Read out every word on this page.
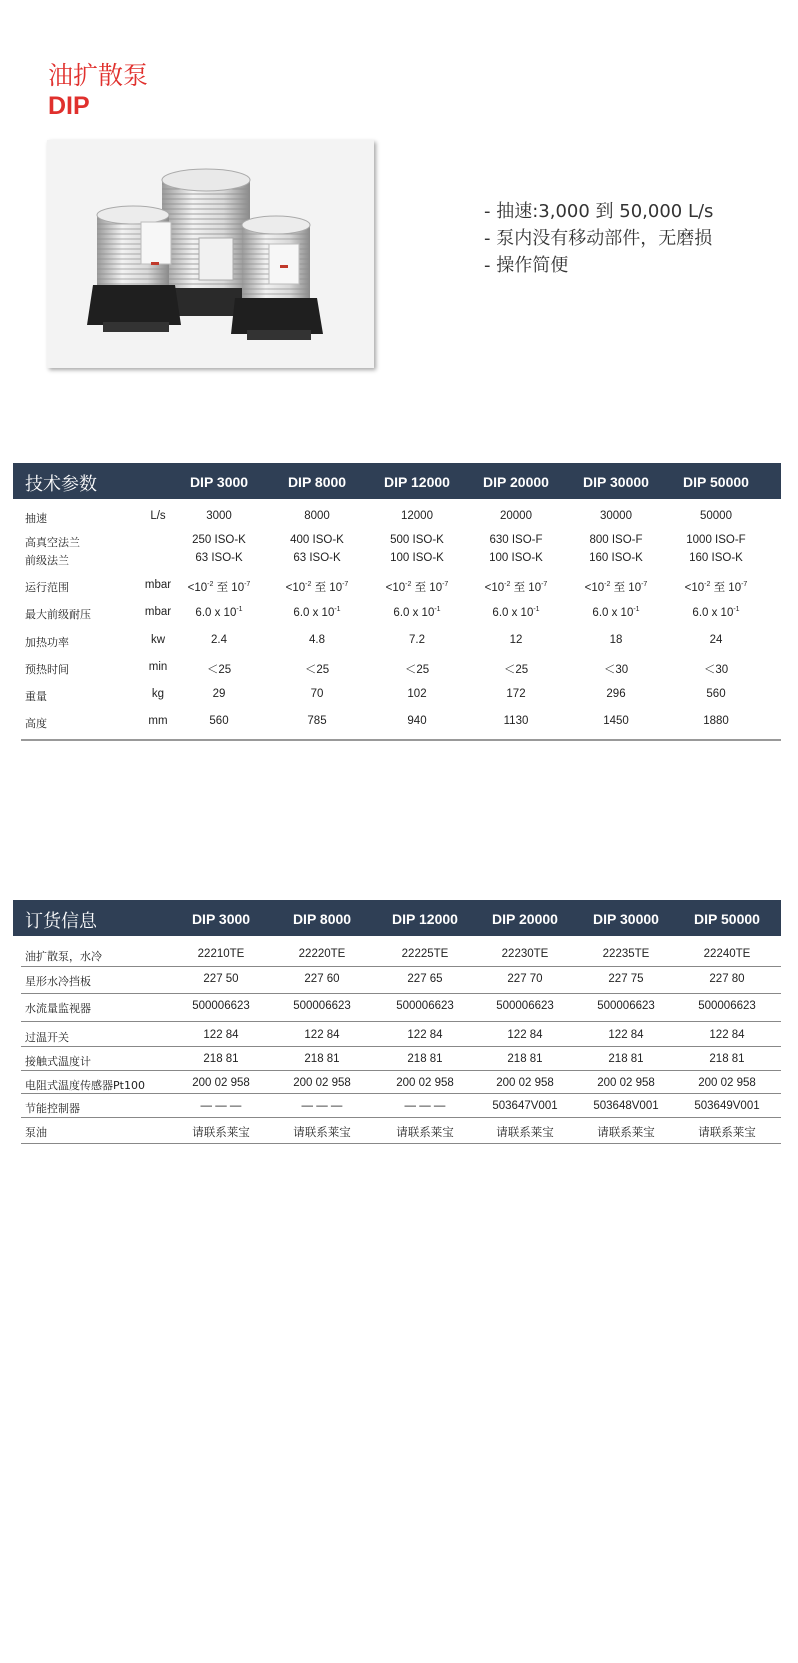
油扩散泵
DIP
- 抽速:3,000 到 50,000 L/s
- 泵内没有移动部件，无磨损
- 操作简便
技术参数	DIP 3000	DIP 8000	DIP 12000	DIP 20000	DIP 30000	DIP 50000
抽速	L/s	3000	8000	12000	20000	30000	50000
高真空法兰	250 ISO-K	400 ISO-K	500 ISO-K	630 ISO-F	800 ISO-F	1000 ISO-F
前级法兰	63 ISO-K	63 ISO-K	100 ISO-K	100 ISO-K	160 ISO-K	160 ISO-K
运行范围	mbar	$<10^{-2}$ 至 $10^{-7}$	$<10^{-2}$ 至 $10^{-7}$	$<10^{-2}$ 至 $10^{-7}$	$<10^{-2}$ 至 $10^{-7}$	$<10^{-2}$ 至 $10^{-7}$	$<10^{-2}$ 至 $10^{-7}$
最大前级耐压	mbar	6.0 x $10^{-1}$	6.0 x $10^{-1}$	6.0 x $10^{-1}$	6.0 x $10^{-1}$	6.0 x $10^{-1}$	6.0 x $10^{-1}$
加热功率	kw	2.4	4.8	7.2	12	18	24
预热时间	min	＜25	＜25	＜25	＜25	＜30	＜30
重量	kg	29	70	102	172	296	560
高度	mm	560	785	940	1130	1450	1880
订货信息	DIP 3000	DIP 8000	DIP 12000	DIP 20000	DIP 30000	DIP 50000
油扩散泵，水冷	22210TE	22220TE	22225TE	22230TE	22235TE	22240TE
星形水冷挡板	227 50	227 60	227 65	227 70	227 75	227 80
水流量监视器	500006623	500006623	500006623	500006623	500006623	500006623
过温开关	122 84	122 84	122 84	122 84	122 84	122 84
接触式温度计	218 81	218 81	218 81	218 81	218 81	218 81
电阻式温度传感器Pt100	200 02 958	200 02 958	200 02 958	200 02 958	200 02 958	200 02 958
节能控制器	— — —	— — —	— — —	503647V001	503648V001	503649V001
泵油	请联系莱宝	请联系莱宝	请联系莱宝	请联系莱宝	请联系莱宝	请联系莱宝
